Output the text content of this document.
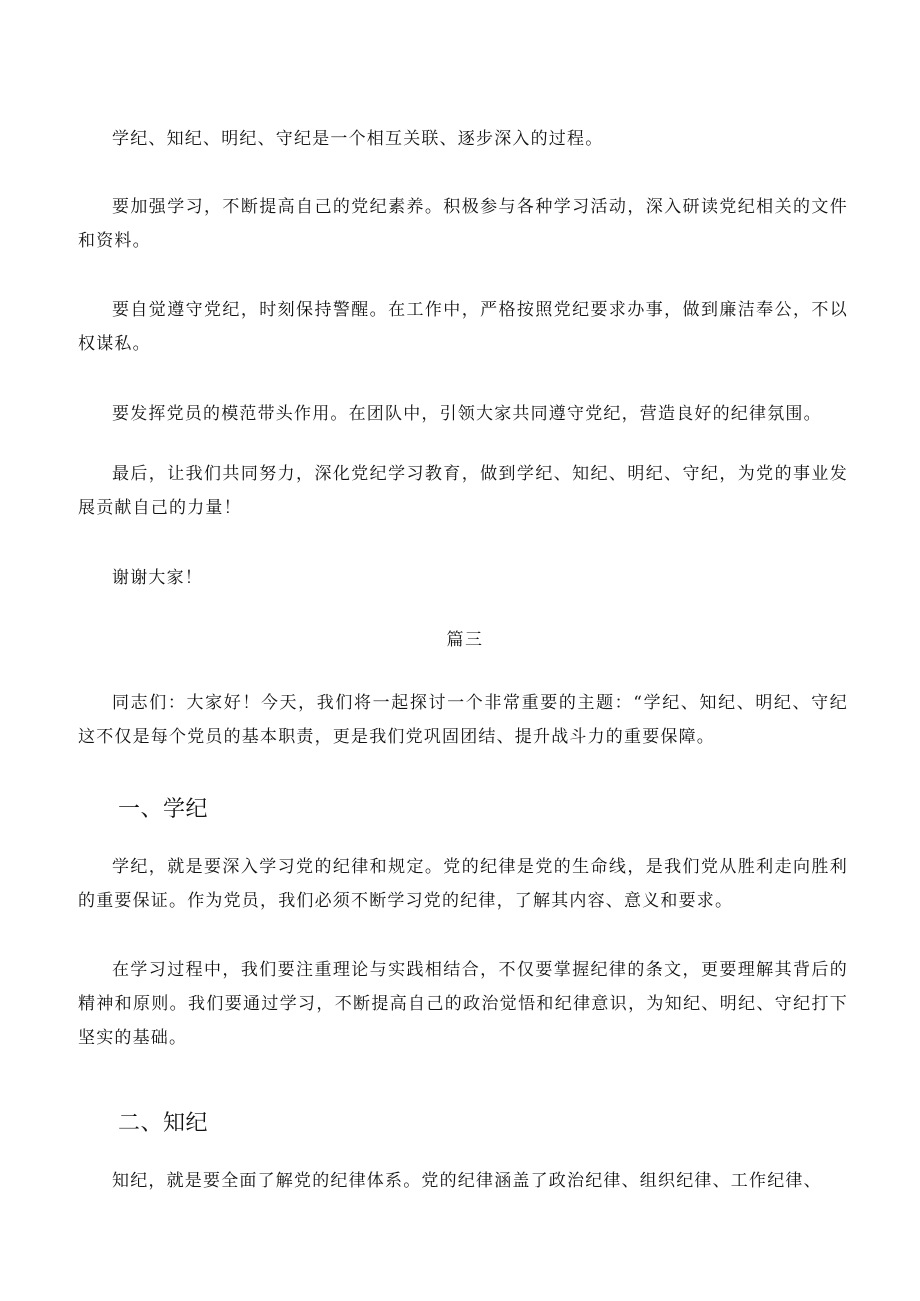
学纪、知纪、明纪、守纪是一个相互关联、逐步深入的过程。

要加强学习，不断提高自己的党纪素养。积极参与各种学习活动，深入研读党纪相关的文件和资料。

要自觉遵守党纪，时刻保持警醒。在工作中，严格按照党纪要求办事，做到廉洁奉公，不以权谋私。

要发挥党员的模范带头作用。在团队中，引领大家共同遵守党纪，营造良好的纪律氛围。

最后，让我们共同努力，深化党纪学习教育，做到学纪、知纪、明纪、守纪，为党的事业发展贡献自己的力量！

谢谢大家！

篇三

同志们：大家好！今天，我们将一起探讨一个非常重要的主题：“学纪、知纪、明纪、守纪这不仅是每个党员的基本职责，更是我们党巩固团结、提升战斗力的重要保障。

一、学纪

学纪，就是要深入学习党的纪律和规定。党的纪律是党的生命线，是我们党从胜利走向胜利的重要保证。作为党员，我们必须不断学习党的纪律，了解其内容、意义和要求。

在学习过程中，我们要注重理论与实践相结合，不仅要掌握纪律的条文，更要理解其背后的精神和原则。我们要通过学习，不断提高自己的政治觉悟和纪律意识，为知纪、明纪、守纪打下坚实的基础。

二、知纪

知纪，就是要全面了解党的纪律体系。党的纪律涵盖了政治纪律、组织纪律、工作纪律、
